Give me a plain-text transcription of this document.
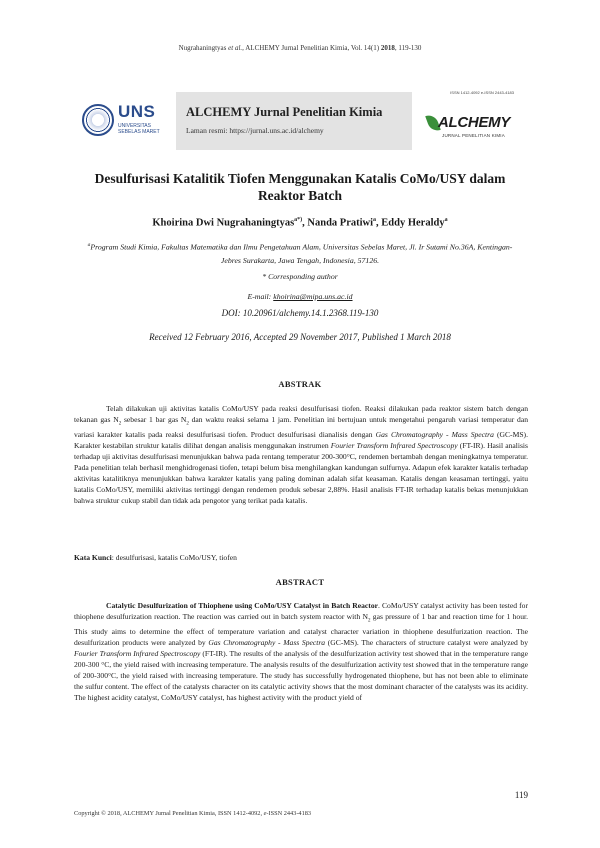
Nugrahaningtyas et al., ALCHEMY Jurnal Penelitian Kimia, Vol. 14(1) 2018, 119-130
UNS
UNIVERSITAS SEBELAS MARET
ALCHEMY Jurnal Penelitian Kimia
Laman resmi: https://jurnal.uns.ac.id/alchemy
ISSN 1412-4092 e-ISSN 2443-4183
ALCHEMY
JURNAL PENELITIAN KIMIA
Desulfurisasi Katalitik Tiofen Menggunakan Katalis CoMo/USY dalam Reaktor Batch
Khoirina Dwi Nugrahaningtyas$^{a*)}$, Nanda Pratiwi$^a$, Eddy Heraldy$^a$
$^a$Program Studi Kimia, Fakultas Matematika dan Ilmu Pengetahuan Alam, Universitas Sebelas Maret, Jl. Ir Sutami No.36A, Kentingan-Jebres Surakarta, Jawa Tengah, Indonesia, 57126.
* Corresponding author
E-mail: khoirina@mipa.uns.ac.id
DOI: 10.20961/alchemy.14.1.2368.119-130
Received 12 February 2016, Accepted 29 November 2017, Published 1 March 2018
ABSTRAK
Telah dilakukan uji aktivitas katalis CoMo/USY pada reaksi desulfurisasi tiofen. Reaksi dilakukan pada reaktor sistem batch dengan tekanan gas $N_2$ sebesar 1 bar gas $N_2$ dan waktu reaksi selama 1 jam. Penelitian ini bertujuan untuk mengetahui pengaruh variasi temperatur dan variasi karakter katalis pada reaksi desulfurisasi tiofen. Product desulfurisasi dianalisis dengan Gas Chromatography - Mass Spectra (GC-MS). Karakter kestabilan struktur katalis dilihat dengan analisis menggunakan instrumen Fourier Transform Infrared Spectroscopy (FT-IR). Hasil analisis terhadap uji aktivitas desulfurisasi menunjukkan bahwa pada rentang temperatur 200-300°C, rendemen bertambah dengan meningkatnya temperatur. Pada penelitian telah berhasil menghidrogenasi tiofen, tetapi belum bisa menghilangkan kandungan sulfurnya. Adapun efek karakter katalis terhadap aktivitas katalitiknya menunjukkan bahwa karakter katalis yang paling dominan adalah sifat keasaman. Katalis dengan keasaman tertinggi, yaitu katalis CoMo/USY, memiliki aktivitas tertinggi dengan rendemen produk sebesar 2,88%. Hasil analisis FT-IR terhadap katalis bekas menunjukkan bahwa struktur cukup stabil dan tidak ada pengotor yang terikat pada katalis.
Kata Kunci: desulfurisasi, katalis CoMo/USY, tiofen
ABSTRACT
Catalytic Desulfurization of Thiophene using CoMo/USY Catalyst in Batch Reactor. CoMo/USY catalyst activity has been tested for thiophene desulfurization reaction. The reaction was carried out in batch system reactor with $N_2$ gas pressure of 1 bar and reaction time for 1 hour. This study aims to determine the effect of temperature variation and catalyst character variation in thiophene desulfurization reaction. The desulfurization products were analyzed by Gas Chromatography - Mass Spectra (GC-MS). The characters of structure catalyst were analyzed by Fourier Transform Infrared Spectroscopy (FT-IR). The results of the analysis of the desulfurization activity test showed that in the temperature range 200-300 °C, the yield raised with increasing temperature. The analysis results of the desulfurization activity test showed that in the temperature range of 200-300°C, the yield raised with increasing temperature. The study has successfully hydrogenated thiophene, but has not been able to eliminate the sulfur content. The effect of the catalysts character on its catalytic activity shows that the most dominant character of the catalysts was its acidity. The highest acidity catalyst, CoMo/USY catalyst, has highest activity with the product yield of
119
Copyright © 2018, ALCHEMY Jurnal Penelitian Kimia, ISSN 1412-4092, e-ISSN 2443-4183
